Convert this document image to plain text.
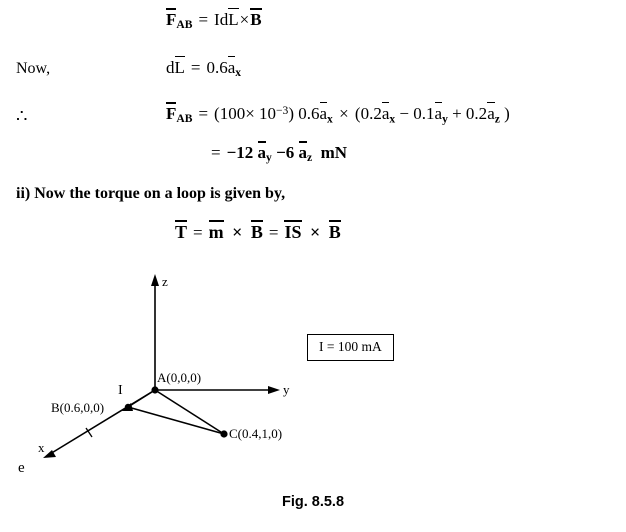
$F_{AB} = IdL\times B$
Now,	dL = $0.6a_x$
∴	$F_{AB} = (100\times 10^{-3}) 0.6a_x \times (0.2a_x - 0.1a_y + 0.2a_z$ )
= −12 $a_y -6$ $a_z$  mN
ii) Now the torque on a loop is given by,
T = m × B = IS × B
z
y
x
A(0,0,0)
B(0.6,0,0)
C(0.4,1,0)
I
I = 100 mA
e
Fig. 8.5.8
